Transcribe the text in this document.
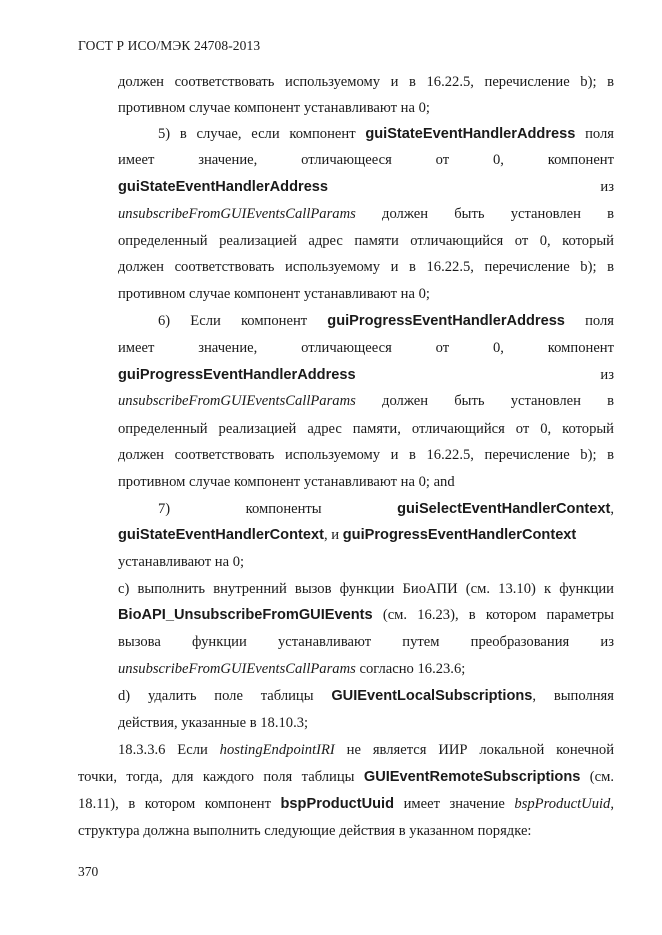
ГОСТ Р ИСО/МЭК 24708-2013
должен соответствовать используемому и в 16.22.5, перечисление b); в
противном случае компонент устанавливают на 0;
5) в случае, если компонент guiStateEventHandlerAddress поля
имеет значение, отличающееся от 0, компонент
guiStateEventHandlerAddress из
unsubscribeFromGUIEventsCallParams должен быть установлен в
определенный реализацией адрес памяти отличающийся от 0, который
должен соответствовать используемому и в 16.22.5, перечисление b); в
противном случае компонент устанавливают на 0;
6) Если компонент guiProgressEventHandlerAddress поля
имеет значение, отличающееся от 0, компонент
guiProgressEventHandlerAddress из
unsubscribeFromGUIEventsCallParams должен быть установлен в
определенный реализацией адрес памяти, отличающийся от 0, который
должен соответствовать используемому и в 16.22.5, перечисление b); в
противном случае компонент устанавливают на 0; and
7) компоненты guiSelectEventHandlerContext,
guiStateEventHandlerContext, и guiProgressEventHandlerContext
устанавливают на 0;
c) выполнить внутренний вызов функции БиоАПИ (см. 13.10) к функции
BioAPI_UnsubscribeFromGUIEvents (см. 16.23), в котором параметры
вызова функции устанавливают путем преобразования из
unsubscribeFromGUIEventsCallParams согласно 16.23.6;
d) удалить поле таблицы GUIEventLocalSubscriptions, выполняя
действия, указанные в 18.10.3;
18.3.3.6 Если hostingEndpointIRI не является ИИР локальной конечной
точки, тогда, для каждого поля таблицы GUIEventRemoteSubscriptions (см.
18.11), в котором компонент bspProductUuid имеет значение bspProductUuid,
структура должна выполнить следующие действия в указанном порядке:
370
